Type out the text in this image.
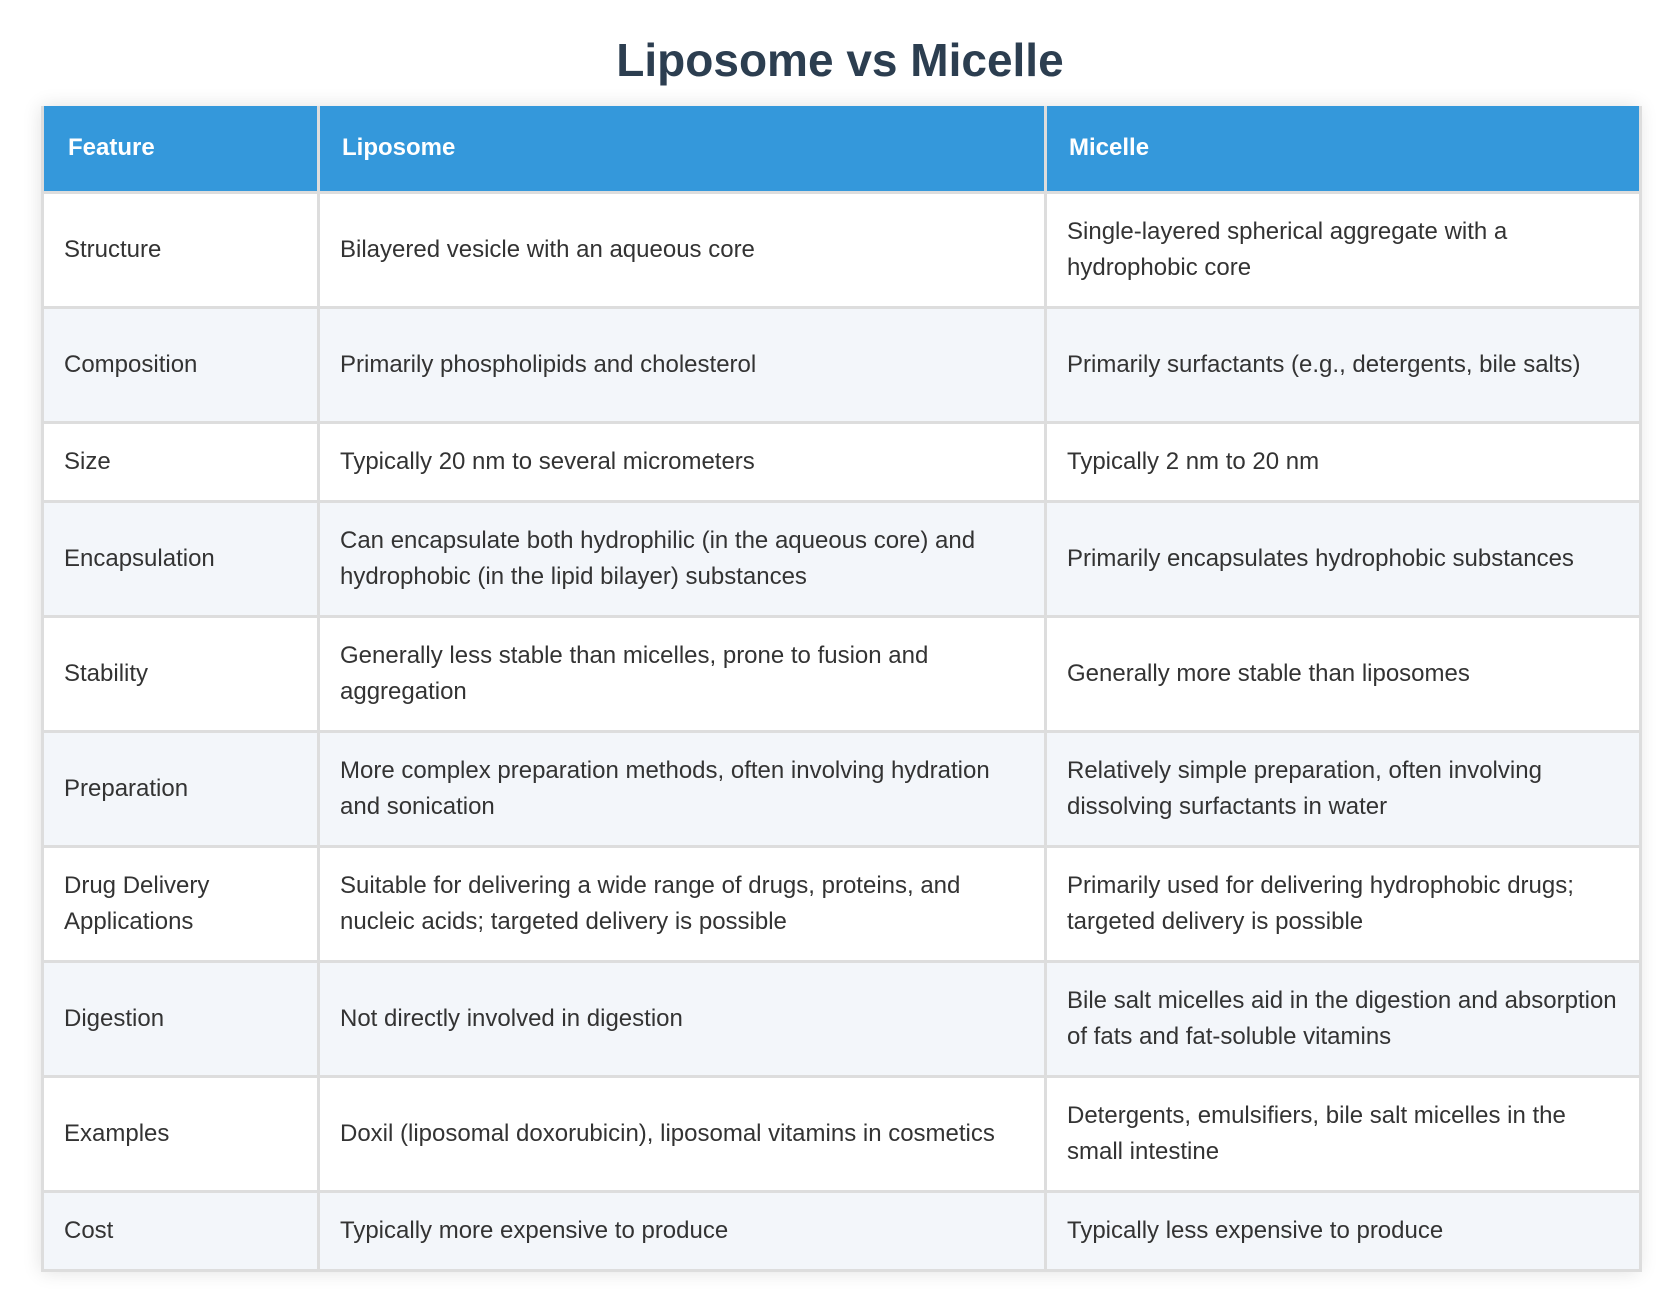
Liposome vs Micelle
Feature	Liposome	Micelle
Structure	Bilayered vesicle with an aqueous core	Single-layered spherical aggregate with a hydrophobic core
Composition	Primarily phospholipids and cholesterol	Primarily surfactants (e.g., detergents, bile salts)
Size	Typically 20 nm to several micrometers	Typically 2 nm to 20 nm
Encapsulation	Can encapsulate both hydrophilic (in the aqueous core) and hydrophobic (in the lipid bilayer) substances	Primarily encapsulates hydrophobic substances
Stability	Generally less stable than micelles, prone to fusion and aggregation	Generally more stable than liposomes
Preparation	More complex preparation methods, often involving hydration and sonication	Relatively simple preparation, often involving dissolving surfactants in water
Drug Delivery Applications	Suitable for delivering a wide range of drugs, proteins, and nucleic acids; targeted delivery is possible	Primarily used for delivering hydrophobic drugs; targeted delivery is possible
Digestion	Not directly involved in digestion	Bile salt micelles aid in the digestion and absorption of fats and fat-soluble vitamins
Examples	Doxil (liposomal doxorubicin), liposomal vitamins in cosmetics	Detergents, emulsifiers, bile salt micelles in the small intestine
Cost	Typically more expensive to produce	Typically less expensive to produce
